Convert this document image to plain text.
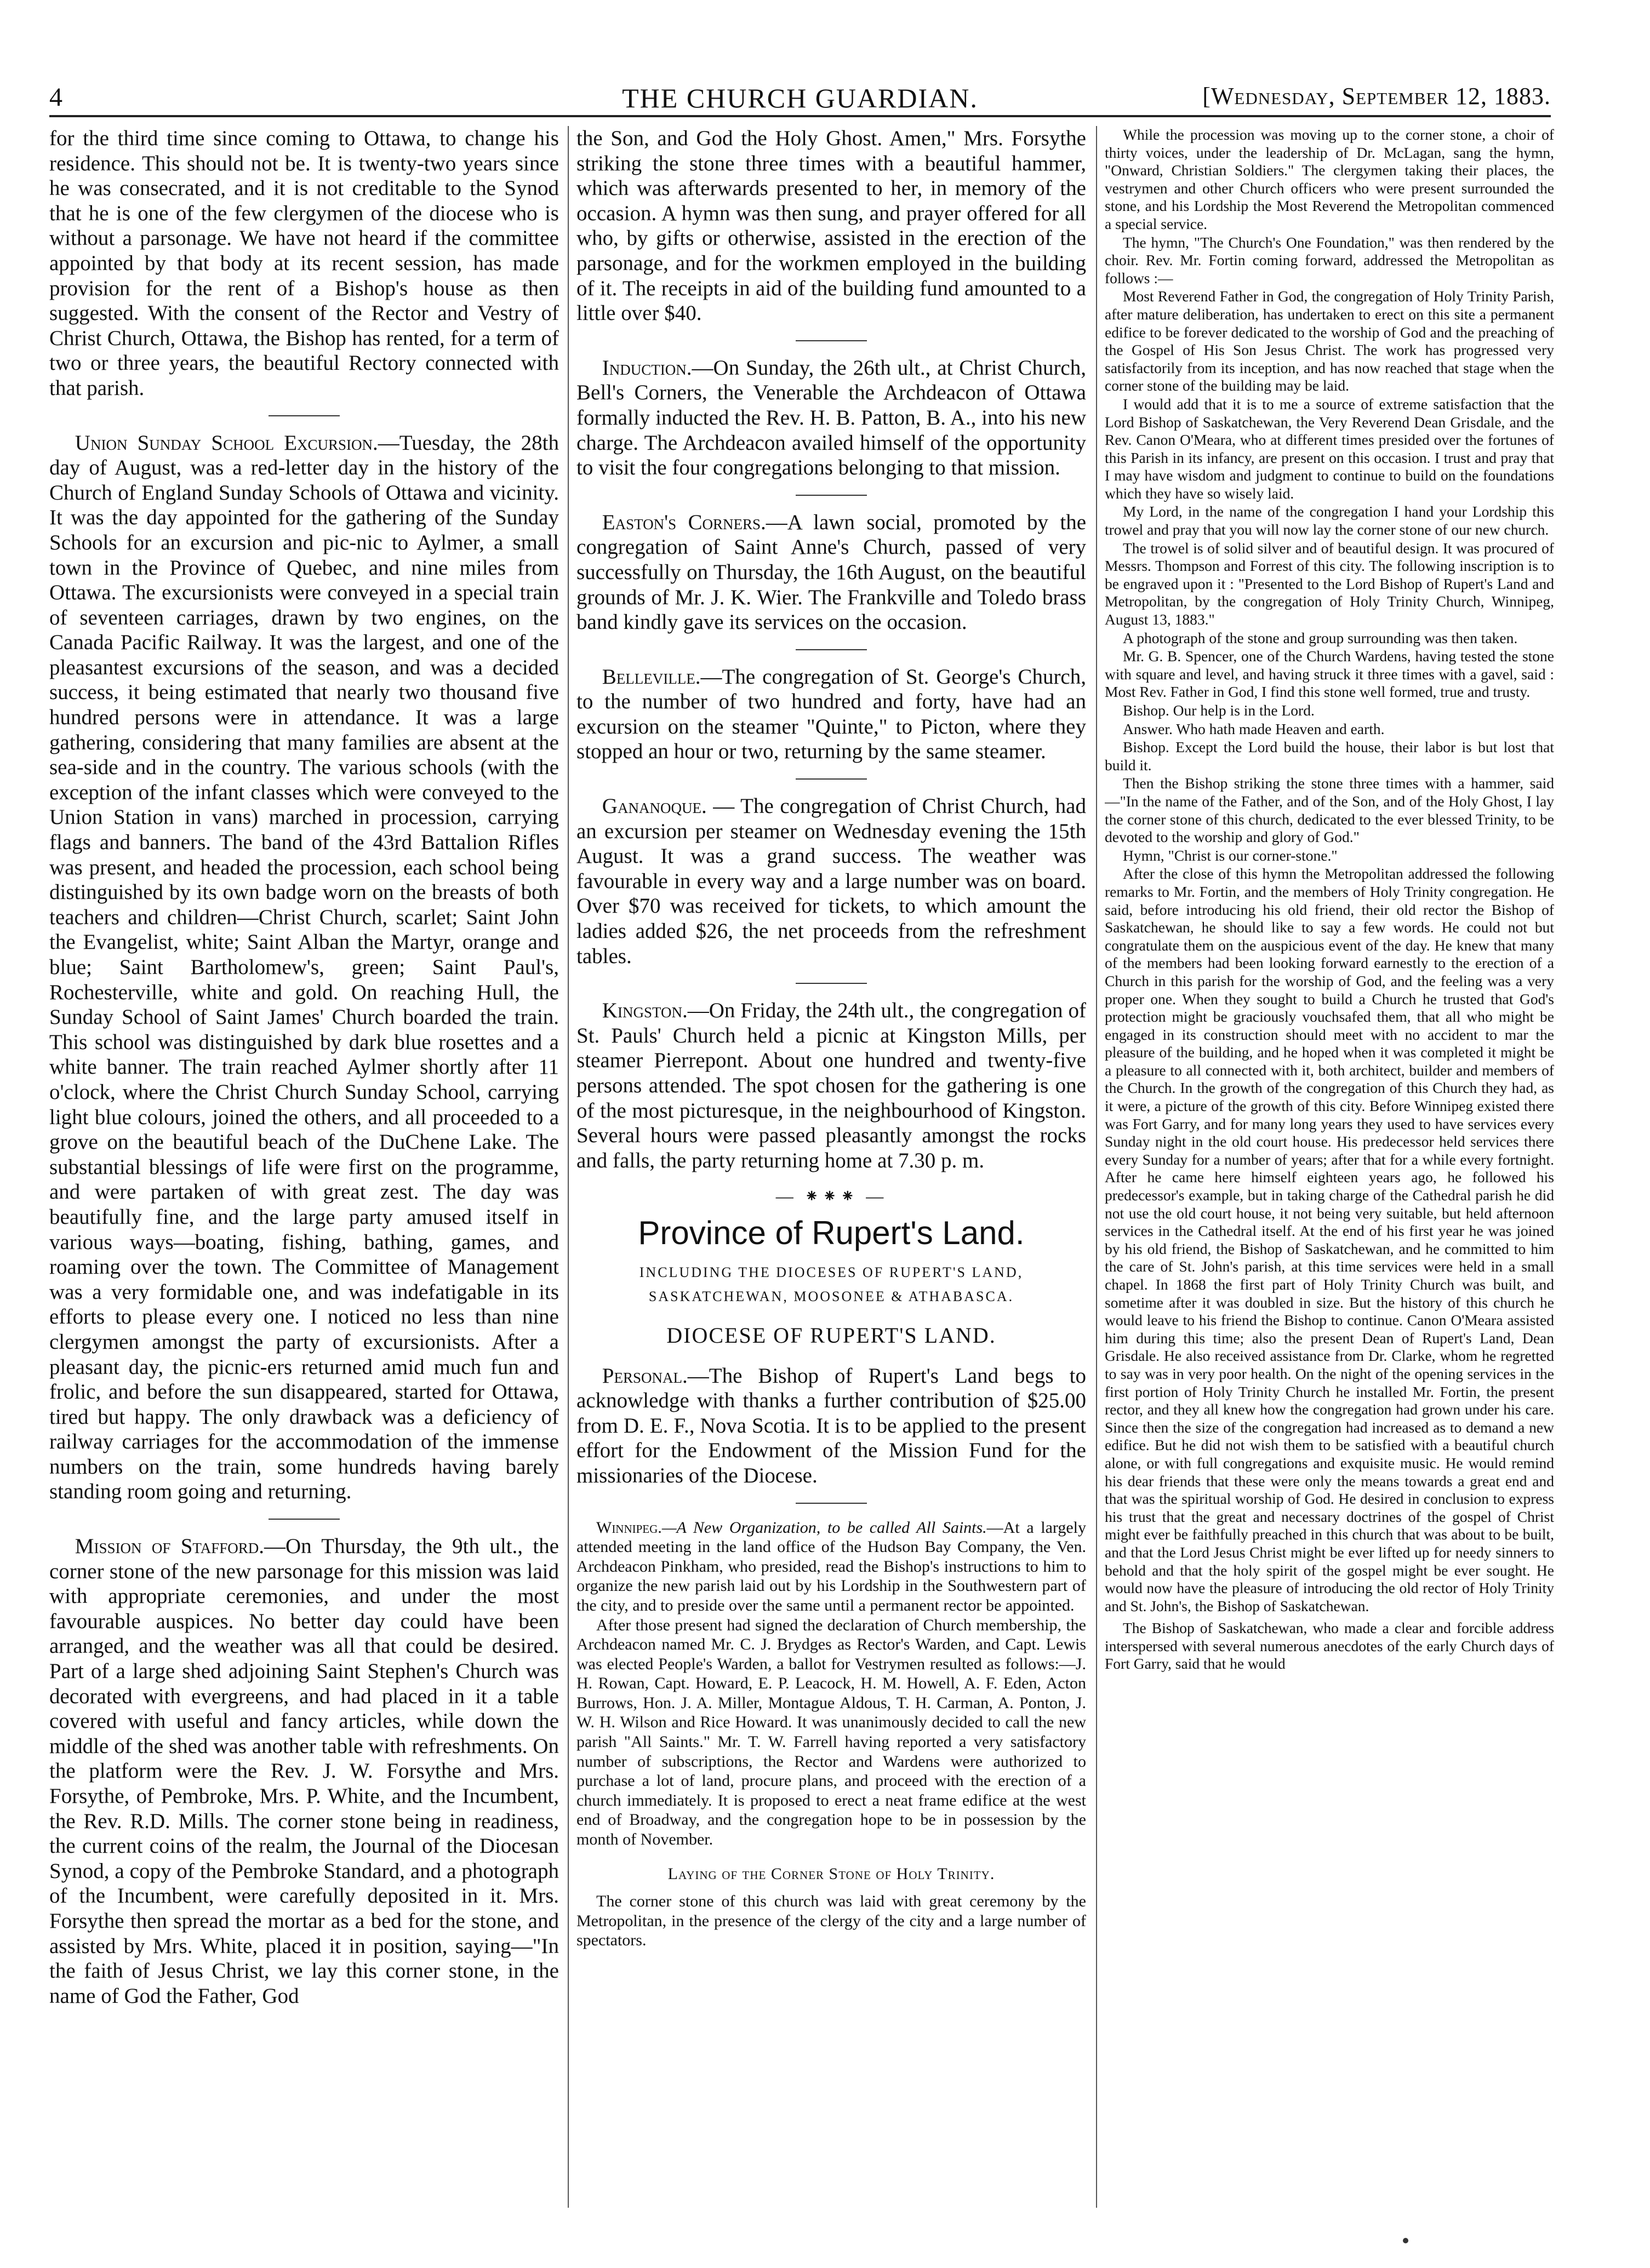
4	THE CHURCH GUARDIAN.	[Wednesday, September 12, 1883.

for the third time since coming to Ottawa, to change his residence. This should not be. It is twenty-two years since he was consecrated, and it is not creditable to the Synod that he is one of the few clergymen of the diocese who is without a parsonage. We have not heard if the committee appointed by that body at its recent session, has made provision for the rent of a Bishop's house as then suggested. With the consent of the Rector and Vestry of Christ Church, Ottawa, the Bishop has rented, for a term of two or three years, the beautiful Rectory connected with that parish.

Union Sunday School Excursion.—Tuesday, the 28th day of August, was a red-letter day in the history of the Church of England Sunday Schools of Ottawa and vicinity. It was the day appointed for the gathering of the Sunday Schools for an excursion and pic-nic to Aylmer, a small town in the Province of Quebec, and nine miles from Ottawa. The excursionists were conveyed in a special train of seventeen carriages, drawn by two engines, on the Canada Pacific Railway. It was the largest, and one of the pleasantest excursions of the season, and was a decided success, it being estimated that nearly two thousand five hundred persons were in attendance. It was a large gathering, considering that many families are absent at the sea-side and in the country. The various schools (with the exception of the infant classes which were conveyed to the Union Station in vans) marched in procession, carrying flags and banners. The band of the 43rd Battalion Rifles was present, and headed the procession, each school being distinguished by its own badge worn on the breasts of both teachers and children—Christ Church, scarlet; Saint John the Evangelist, white; Saint Alban the Martyr, orange and blue; Saint Bartholomew's, green; Saint Paul's, Rochesterville, white and gold. On reaching Hull, the Sunday School of Saint James' Church boarded the train. This school was distinguished by dark blue rosettes and a white banner. The train reached Aylmer shortly after 11 o'clock, where the Christ Church Sunday School, carrying light blue colours, joined the others, and all proceeded to a grove on the beautiful beach of the DuChene Lake. The substantial blessings of life were first on the programme, and were partaken of with great zest. The day was beautifully fine, and the large party amused itself in various ways—boating, fishing, bathing, games, and roaming over the town. The Committee of Management was a very formidable one, and was indefatigable in its efforts to please every one. I noticed no less than nine clergymen amongst the party of excursionists. After a pleasant day, the picnic-ers returned amid much fun and frolic, and before the sun disappeared, started for Ottawa, tired but happy. The only drawback was a deficiency of railway carriages for the accommodation of the immense numbers on the train, some hundreds having barely standing room going and returning.

Mission of Stafford.—On Thursday, the 9th ult., the corner stone of the new parsonage for this mission was laid with appropriate ceremonies, and under the most favourable auspices. No better day could have been arranged, and the weather was all that could be desired. Part of a large shed adjoining Saint Stephen's Church was decorated with evergreens, and had placed in it a table covered with useful and fancy articles, while down the middle of the shed was another table with refreshments. On the platform were the Rev. J. W. Forsythe and Mrs. Forsythe, of Pembroke, Mrs. P. White, and the Incumbent, the Rev. R.D. Mills. The corner stone being in readiness, the current coins of the realm, the Journal of the Diocesan Synod, a copy of the Pembroke Standard, and a photograph of the Incumbent, were carefully deposited in it. Mrs. Forsythe then spread the mortar as a bed for the stone, and assisted by Mrs. White, placed it in position, saying—"In the faith of Jesus Christ, we lay this corner stone, in the name of God the Father, God

the Son, and God the Holy Ghost. Amen," Mrs. Forsythe striking the stone three times with a beautiful hammer, which was afterwards presented to her, in memory of the occasion. A hymn was then sung, and prayer offered for all who, by gifts or otherwise, assisted in the erection of the parsonage, and for the workmen employed in the building of it. The receipts in aid of the building fund amounted to a little over $40.

Induction.—On Sunday, the 26th ult., at Christ Church, Bell's Corners, the Venerable the Archdeacon of Ottawa formally inducted the Rev. H. B. Patton, B. A., into his new charge. The Archdeacon availed himself of the opportunity to visit the four congregations belonging to that mission.

Easton's Corners.—A lawn social, promoted by the congregation of Saint Anne's Church, passed of very successfully on Thursday, the 16th August, on the beautiful grounds of Mr. J. K. Wier. The Frankville and Toledo brass band kindly gave its services on the occasion.

Belleville.—The congregation of St. George's Church, to the number of two hundred and forty, have had an excursion on the steamer "Quinte," to Picton, where they stopped an hour or two, returning by the same steamer.

Gananoque. — The congregation of Christ Church, had an excursion per steamer on Wednesday evening the 15th August. It was a grand success. The weather was favourable in every way and a large number was on board. Over $70 was received for tickets, to which amount the ladies added $26, the net proceeds from the refreshment tables.

Kingston.—On Friday, the 24th ult., the congregation of St. Pauls' Church held a picnic at Kingston Mills, per steamer Pierrepont. About one hundred and twenty-five persons attended. The spot chosen for the gathering is one of the most picturesque, in the neighbourhood of Kingston. Several hours were passed pleasantly amongst the rocks and falls, the party returning home at 7.30 p. m.

— ⁕⁕⁕ —
Province of Rupert's Land.
INCLUDING THE DIOCESES OF RUPERT'S LAND, SASKATCHEWAN, MOOSONEE & ATHABASCA.
DIOCESE OF RUPERT'S LAND.

Personal.—The Bishop of Rupert's Land begs to acknowledge with thanks a further contribution of $25.00 from D. E. F., Nova Scotia. It is to be applied to the present effort for the Endowment of the Mission Fund for the missionaries of the Diocese.

Winnipeg.—A New Organization, to be called All Saints.—At a largely attended meeting in the land office of the Hudson Bay Company, the Ven. Archdeacon Pinkham, who presided, read the Bishop's instructions to him to organize the new parish laid out by his Lordship in the Southwestern part of the city, and to preside over the same until a permanent rector be appointed.

After those present had signed the declaration of Church membership, the Archdeacon named Mr. C. J. Brydges as Rector's Warden, and Capt. Lewis was elected People's Warden, a ballot for Vestrymen resulted as follows:—J. H. Rowan, Capt. Howard, E. P. Leacock, H. M. Howell, A. F. Eden, Acton Burrows, Hon. J. A. Miller, Montague Aldous, T. H. Carman, A. Ponton, J. W. H. Wilson and Rice Howard. It was unanimously decided to call the new parish "All Saints." Mr. T. W. Farrell having reported a very satisfactory number of subscriptions, the Rector and Wardens were authorized to purchase a lot of land, procure plans, and proceed with the erection of a church immediately. It is proposed to erect a neat frame edifice at the west end of Broadway, and the congregation hope to be in possession by the month of November.

Laying of the Corner Stone of Holy Trinity.

The corner stone of this church was laid with great ceremony by the Metropolitan, in the presence of the clergy of the city and a large number of spectators.

While the procession was moving up to the corner stone, a choir of thirty voices, under the leadership of Dr. McLagan, sang the hymn, "Onward, Christian Soldiers." The clergymen taking their places, the vestrymen and other Church officers who were present surrounded the stone, and his Lordship the Most Reverend the Metropolitan commenced a special service.

The hymn, "The Church's One Foundation," was then rendered by the choir. Rev. Mr. Fortin coming forward, addressed the Metropolitan as follows :—

Most Reverend Father in God, the congregation of Holy Trinity Parish, after mature deliberation, has undertaken to erect on this site a permanent edifice to be forever dedicated to the worship of God and the preaching of the Gospel of His Son Jesus Christ. The work has progressed very satisfactorily from its inception, and has now reached that stage when the corner stone of the building may be laid.

I would add that it is to me a source of extreme satisfaction that the Lord Bishop of Saskatchewan, the Very Reverend Dean Grisdale, and the Rev. Canon O'Meara, who at different times presided over the fortunes of this Parish in its infancy, are present on this occasion. I trust and pray that I may have wisdom and judgment to continue to build on the foundations which they have so wisely laid.

My Lord, in the name of the congregation I hand your Lordship this trowel and pray that you will now lay the corner stone of our new church.

The trowel is of solid silver and of beautiful design. It was procured of Messrs. Thompson and Forrest of this city. The following inscription is to be engraved upon it : "Presented to the Lord Bishop of Rupert's Land and Metropolitan, by the congregation of Holy Trinity Church, Winnipeg, August 13, 1883."

A photograph of the stone and group surrounding was then taken.

Mr. G. B. Spencer, one of the Church Wardens, having tested the stone with square and level, and having struck it three times with a gavel, said : Most Rev. Father in God, I find this stone well formed, true and trusty.

Bishop. Our help is in the Lord.

Answer. Who hath made Heaven and earth.

Bishop. Except the Lord build the house, their labor is but lost that build it.

Then the Bishop striking the stone three times with a hammer, said—"In the name of the Father, and of the Son, and of the Holy Ghost, I lay the corner stone of this church, dedicated to the ever blessed Trinity, to be devoted to the worship and glory of God."

Hymn, "Christ is our corner-stone."

After the close of this hymn the Metropolitan addressed the following remarks to Mr. Fortin, and the members of Holy Trinity congregation. He said, before introducing his old friend, their old rector the Bishop of Saskatchewan, he should like to say a few words. He could not but congratulate them on the auspicious event of the day. He knew that many of the members had been looking forward earnestly to the erection of a Church in this parish for the worship of God, and the feeling was a very proper one. When they sought to build a Church he trusted that God's protection might be graciously vouchsafed them, that all who might be engaged in its construction should meet with no accident to mar the pleasure of the building, and he hoped when it was completed it might be a pleasure to all connected with it, both architect, builder and members of the Church. In the growth of the congregation of this Church they had, as it were, a picture of the growth of this city. Before Winnipeg existed there was Fort Garry, and for many long years they used to have services every Sunday night in the old court house. His predecessor held services there every Sunday for a number of years; after that for a while every fortnight. After he came here himself eighteen years ago, he followed his predecessor's example, but in taking charge of the Cathedral parish he did not use the old court house, it not being very suitable, but held afternoon services in the Cathedral itself. At the end of his first year he was joined by his old friend, the Bishop of Saskatchewan, and he committed to him the care of St. John's parish, at this time services were held in a small chapel. In 1868 the first part of Holy Trinity Church was built, and sometime after it was doubled in size. But the history of this church he would leave to his friend the Bishop to continue. Canon O'Meara assisted him during this time; also the present Dean of Rupert's Land, Dean Grisdale. He also received assistance from Dr. Clarke, whom he regretted to say was in very poor health. On the night of the opening services in the first portion of Holy Trinity Church he installed Mr. Fortin, the present rector, and they all knew how the congregation had grown under his care. Since then the size of the congregation had increased as to demand a new edifice. But he did not wish them to be satisfied with a beautiful church alone, or with full congregations and exquisite music. He would remind his dear friends that these were only the means towards a great end and that was the spiritual worship of God. He desired in conclusion to express his trust that the great and necessary doctrines of the gospel of Christ might ever be faithfully preached in this church that was about to be built, and that the Lord Jesus Christ might be ever lifted up for needy sinners to behold and that the holy spirit of the gospel might be ever sought. He would now have the pleasure of introducing the old rector of Holy Trinity and St. John's, the Bishop of Saskatchewan.

The Bishop of Saskatchewan, who made a clear and forcible address interspersed with several numerous anecdotes of the early Church days of Fort Garry, said that he would
